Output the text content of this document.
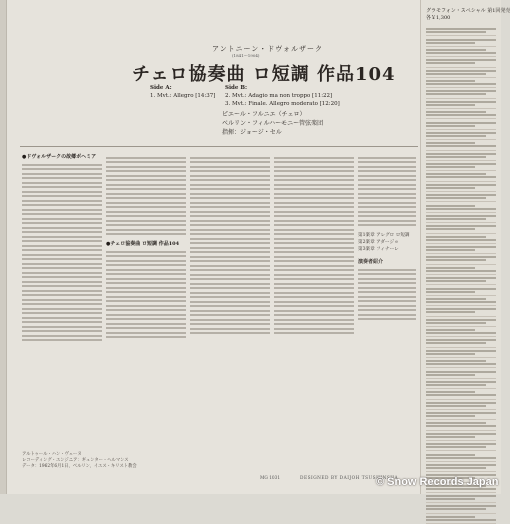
アントニーン・ドヴォルザーク
(1841〜1904)
チェロ協奏曲 ロ短調 作品104
Side A:
1. Mvt.: Allegro [14:37]
Side B:
2. Mvt.: Adagio ma non troppo [11:22]
3. Mvt.: Finale. Allegro moderato [12:20]
ピエール・フルニエ（チェロ）
ベルリン・フィルハーモニー管弦楽団
指揮：ジョージ・セル
●ドヴォルザークの故郷ボヘミア
●チェロ協奏曲 ロ短調 作品104
第1楽章 アレグロ ロ短調
第2楽章 アダージョ
第3楽章 フィナーレ
演奏者紹介
グラモフォン・スペシャル 第1回発売
各￥1,300
アルトゥール・ハン・ヴェーヌ
レコーディング・エンジニア：ギュンター・ヘルマンス
データ：1962年6月1日、ベルリン、イエス・キリスト教会
MG 1031	DESIGNED BY DAIJOH TSUSHINSHA
© Snow Records Japan
